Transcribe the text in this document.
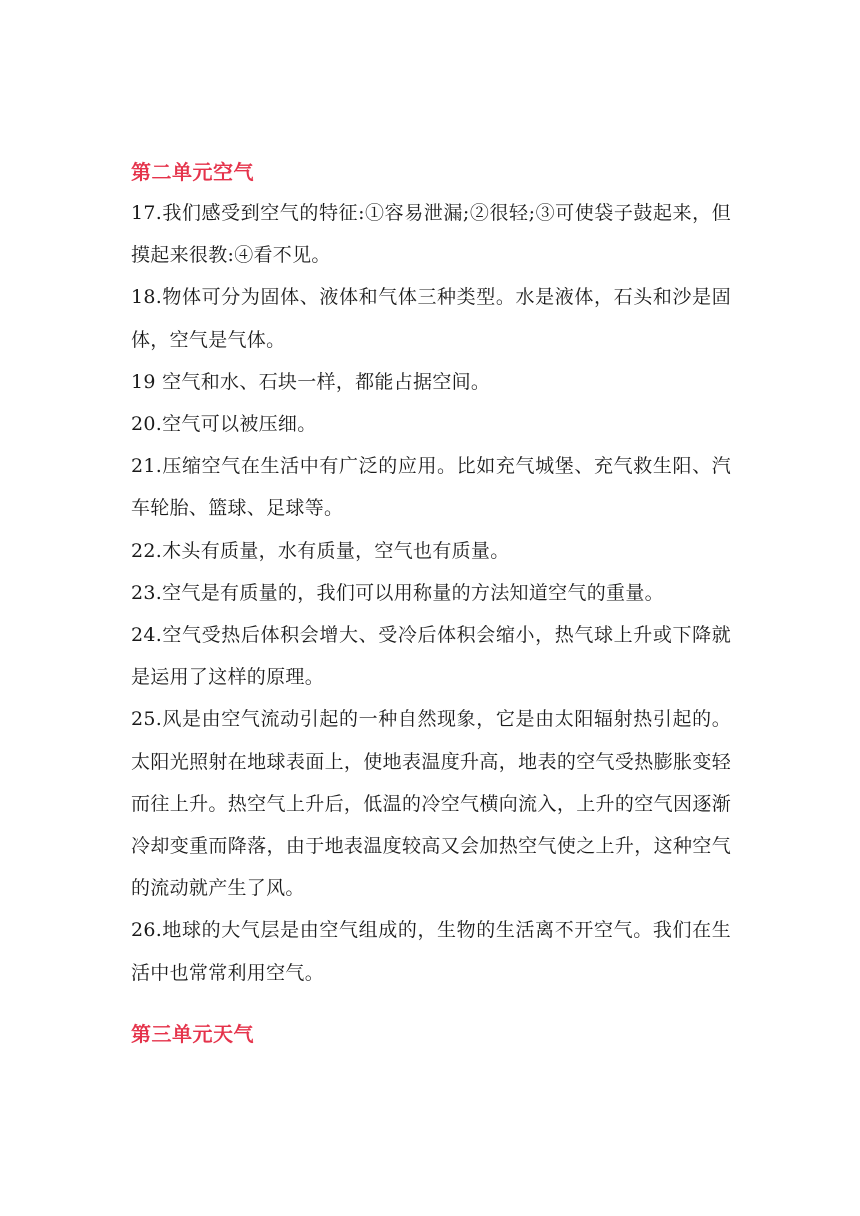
第二单元空气
17.我们感受到空气的特征:①容易泄漏;②很轻;③可使袋子鼓起来，但摸起来很教:④看不见。
18.物体可分为固体、液体和气体三种类型。水是液体，石头和沙是固体，空气是气体。
19 空气和水、石块一样，都能占据空间。
20.空气可以被压细。
21.压缩空气在生活中有广泛的应用。比如充气城堡、充气救生阳、汽车轮胎、篮球、足球等。
22.木头有质量，水有质量，空气也有质量。
23.空气是有质量的，我们可以用称量的方法知道空气的重量。
24.空气受热后体积会增大、受冷后体积会缩小，热气球上升或下降就是运用了这样的原理。
25.风是由空气流动引起的一种自然现象，它是由太阳辐射热引起的。太阳光照射在地球表面上，使地表温度升高，地表的空气受热膨胀变轻而往上升。热空气上升后，低温的冷空气横向流入，上升的空气因逐渐冷却变重而降落，由于地表温度较高又会加热空气使之上升，这种空气的流动就产生了风。
26.地球的大气层是由空气组成的，生物的生活离不开空气。我们在生活中也常常利用空气。
第三单元天气
